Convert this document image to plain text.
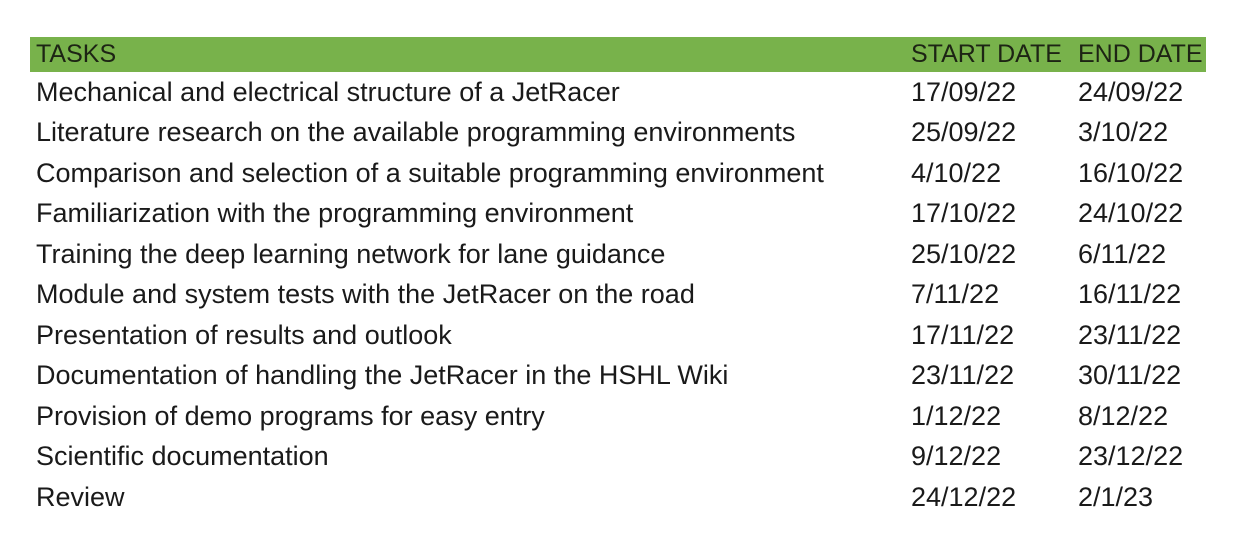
TASKS	START DATE	END DATE
Mechanical and electrical structure of a JetRacer	17/09/22	24/09/22
Literature research on the available programming environments	25/09/22	3/10/22
Comparison and selection of a suitable programming environment	4/10/22	16/10/22
Familiarization with the programming environment	17/10/22	24/10/22
Training the deep learning network for lane guidance	25/10/22	6/11/22
Module and system tests with the JetRacer on the road	7/11/22	16/11/22
Presentation of results and outlook	17/11/22	23/11/22
Documentation of handling the JetRacer in the HSHL Wiki	23/11/22	30/11/22
Provision of demo programs for easy entry	1/12/22	8/12/22
Scientific documentation	9/12/22	23/12/22
Review	24/12/22	2/1/23
